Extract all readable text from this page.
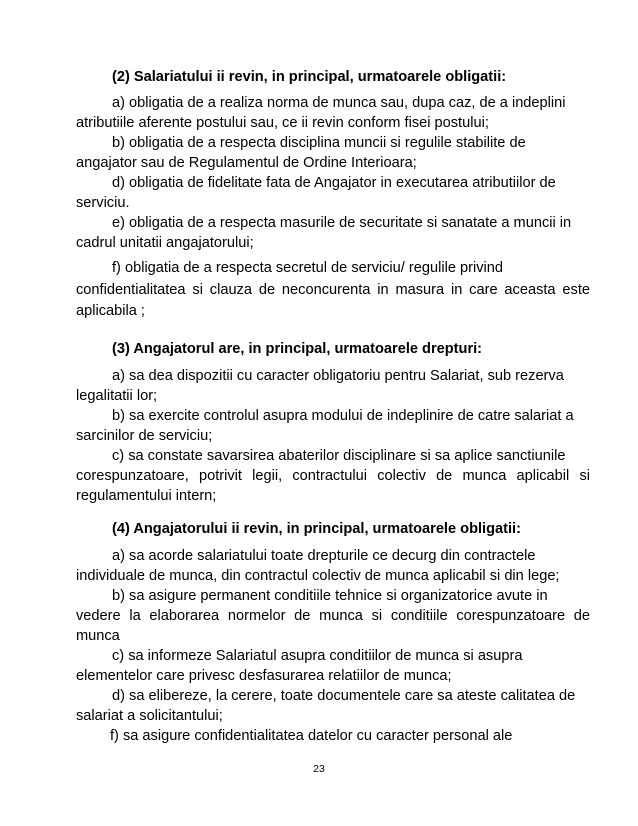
(2) Salariatului ii revin, in principal, urmatoarele obligatii:
a) obligatia de a realiza norma de munca sau, dupa caz, de a indeplini
atributiile aferente postului sau, ce ii revin conform fisei postului;
b) obligatia de a respecta disciplina muncii si regulile stabilite de
angajator sau de Regulamentul de Ordine Interioara;
d) obligatia de fidelitate fata de Angajator in executarea atributiilor de
serviciu.
e) obligatia de a respecta masurile de securitate si sanatate a muncii in
cadrul unitatii angajatorului;
f) obligatia de a respecta secretul de serviciu/ regulile privind
confidentialitatea si clauza de neconcurenta in masura in care aceasta este
aplicabila ;
(3) Angajatorul are, in principal, urmatoarele drepturi:
a) sa dea dispozitii cu caracter obligatoriu pentru Salariat, sub rezerva
legalitatii lor;
b) sa exercite controlul asupra modului de indeplinire de catre salariat a
sarcinilor de serviciu;
c) sa constate savarsirea abaterilor disciplinare si sa aplice sanctiunile
corespunzatoare, potrivit legii, contractului colectiv de munca aplicabil si
regulamentului intern;
(4) Angajatorului ii revin, in principal, urmatoarele obligatii:
a) sa acorde salariatului toate drepturile ce decurg din contractele
individuale de munca, din contractul colectiv de munca aplicabil si din lege;
b) sa asigure permanent conditiile tehnice si organizatorice avute in
vedere la elaborarea normelor de munca si conditiile corespunzatoare de
munca
c) sa informeze Salariatul asupra conditiilor de munca si asupra
elementelor care privesc desfasurarea relatiilor de munca;
d) sa elibereze, la cerere, toate documentele care sa ateste calitatea de
salariat a solicitantului;
f) sa asigure confidentialitatea datelor cu caracter personal ale
23
